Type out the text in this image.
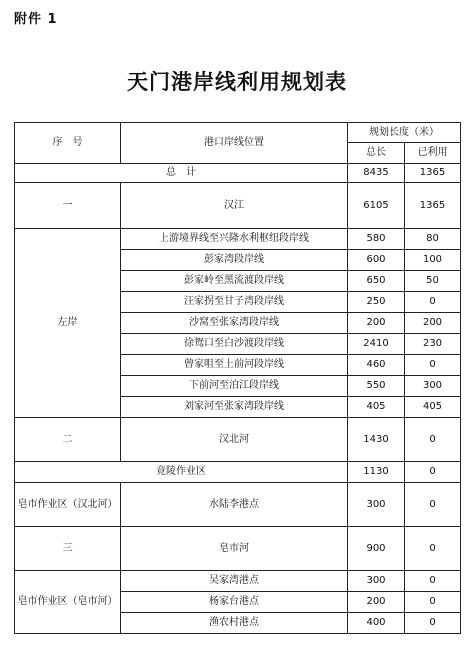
附件 1
天门港岸线利用规划表
序　号	港口岸线位置	规划长度（米）	
		总长	已利用
总　计		8435	1365
一	汉江	6105	1365
左岸	上游境界线至兴隆水利枢纽段岸线	580	80
	彭家湾段岸线	600	100
	彭家岭至黑流渡段岸线	650	50
	汪家拐至甘子湾段岸线	250	0
	沙窝至张家湾段岸线	200	200
	徐鸳口至白沙渡段岸线	2410	230
	曾家咀至上前河段岸线	460	0
	下前河至泊江段岸线	550	300
	刘家河至张家湾段岸线	405	405
二	汉北河	1430	0
竟陵作业区		1130	0
皂市作业区（汉北河）	水陆李港点	300	0
三	皂市河	900	0
皂市作业区（皂市河）	吴家湾港点	300	0
	杨家台港点	200	0
	渔农村港点	400	0
